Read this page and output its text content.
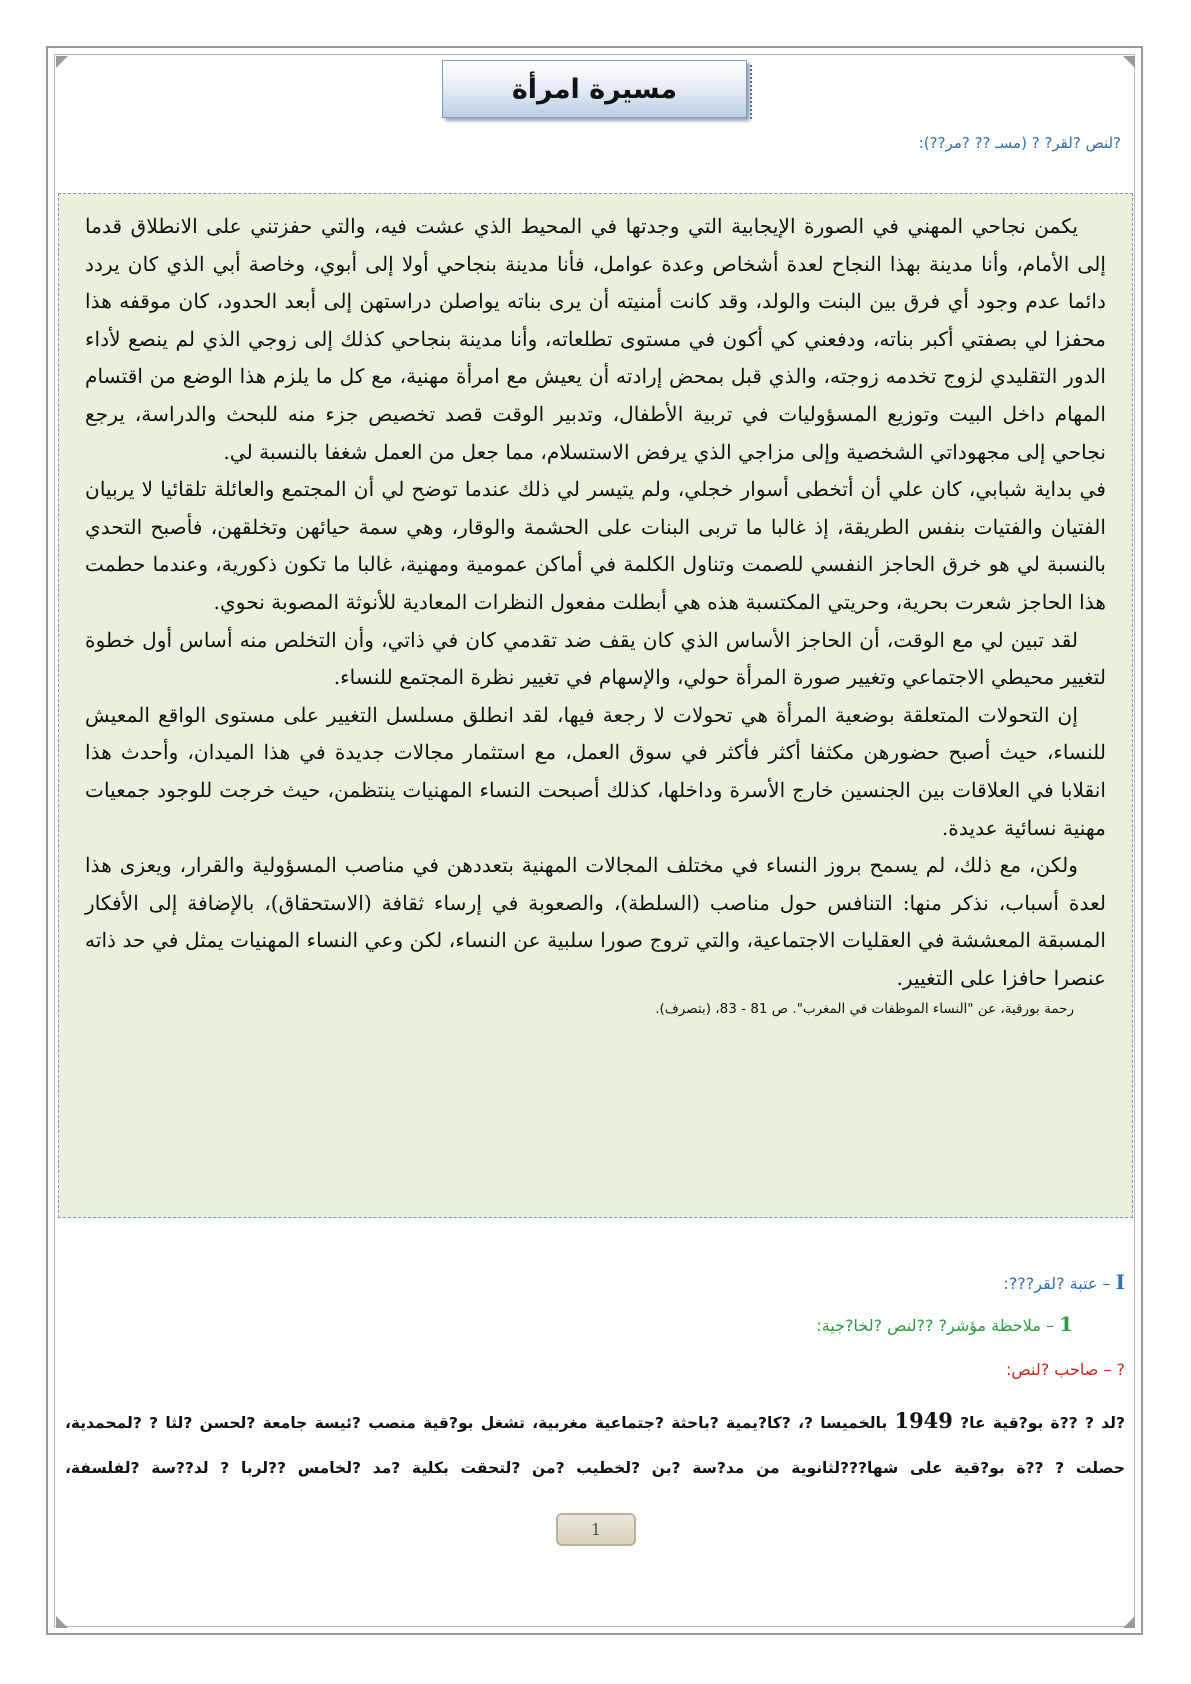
مسيرة امرأة
?لنص ?لقر? ? (مسـ ?? ?مر??):

يكمن نجاحي المهني في الصورة الإيجابية التي وجدتها في المحيط الذي عشت فيه، والتي حفزتني على الانطلاق قدما إلى الأمام، وأنا مدينة بهذا النجاح لعدة أشخاص وعدة عوامل، فأنا مدينة بنجاحي أولا إلى أبوي، وخاصة أبي الذي كان يردد دائما عدم وجود أي فرق بين البنت والولد، وقد كانت أمنيته أن يرى بناته يواصلن دراستهن إلى أبعد الحدود، كان موقفه هذا محفزا لي بصفتي أكبر بناته، ودفعني كي أكون في مستوى تطلعاته، وأنا مدينة بنجاحي كذلك إلى زوجي الذي لم ينصع لأداء الدور التقليدي لزوج تخدمه زوجته، والذي قبل بمحض إرادته أن يعيش مع امرأة مهنية، مع كل ما يلزم هذا الوضع من اقتسام المهام داخل البيت وتوزيع المسؤوليات في تربية الأطفال، وتدبير الوقت قصد تخصيص جزء منه للبحث والدراسة، يرجع نجاحي إلى مجهوداتي الشخصية وإلى مزاجي الذي يرفض الاستسلام، مما جعل من العمل شغفا بالنسبة لي.

في بداية شبابي، كان علي أن أتخطى أسوار خجلي، ولم يتيسر لي ذلك عندما توضح لي أن المجتمع والعائلة تلقائيا لا يربيان الفتيان والفتيات بنفس الطريقة، إذ غالبا ما تربى البنات على الحشمة والوقار، وهي سمة حيائهن وتخلقهن، فأصبح التحدي بالنسبة لي هو خرق الحاجز النفسي للصمت وتناول الكلمة في أماكن عمومية ومهنية، غالبا ما تكون ذكورية، وعندما حطمت هذا الحاجز شعرت بحرية، وحريتي المكتسبة هذه هي أبطلت مفعول النظرات المعادية للأنوثة المصوبة نحوي.

لقد تبين لي مع الوقت، أن الحاجز الأساس الذي كان يقف ضد تقدمي كان في ذاتي، وأن التخلص منه أساس أول خطوة لتغيير محيطي الاجتماعي وتغيير صورة المرأة حولي، والإسهام في تغيير نظرة المجتمع للنساء.

إن التحولات المتعلقة بوضعية المرأة هي تحولات لا رجعة فيها، لقد انطلق مسلسل التغيير على مستوى الواقع المعيش للنساء، حيث أصبح حضورهن مكثفا أكثر فأكثر في سوق العمل، مع استثمار مجالات جديدة في هذا الميدان، وأحدث هذا انقلابا في العلاقات بين الجنسين خارج الأسرة وداخلها، كذلك أصبحت النساء المهنيات ينتظمن، حيث خرجت للوجود جمعيات مهنية نسائية عديدة.

ولكن، مع ذلك، لم يسمح بروز النساء في مختلف المجالات المهنية بتعددهن في مناصب المسؤولية والقرار، ويعزى هذا لعدة أسباب، نذكر منها: التنافس حول مناصب (السلطة)، والصعوبة في إرساء ثقافة (الاستحقاق)، بالإضافة إلى الأفكار المسبقة المعششة في العقليات الاجتماعية، والتي تروج صورا سلبية عن النساء، لكن وعي النساء المهنيات يمثل في حد ذاته عنصرا حافزا على التغيير.

رحمة بورقية، عن "النساء الموظفات في المغرب". ص 81 - 83، (بتصرف).
I – عتبة ?لقر???:
1 – ملاحظة مؤشر? ??لنص ?لخا?جية:
? – صاحب ?لنص:
?لد ? ??ة بو?قية عا? 1949 بالخميسا ?، ?كا?يمية ?باحثة ?جتماعية مغربية، تشغل بو?قية منصب ?ئيسة جامعة ?لحسن ?لثا ? ?لمحمدية، حصلت ? ??ة بو?قية على شها???لثانوية من مد?سة ?بن ?لخطيب ?من ?لتحقت بكلية ?مد ?لخامس ??لربا ? لد??سة ?لفلسفة،
1
